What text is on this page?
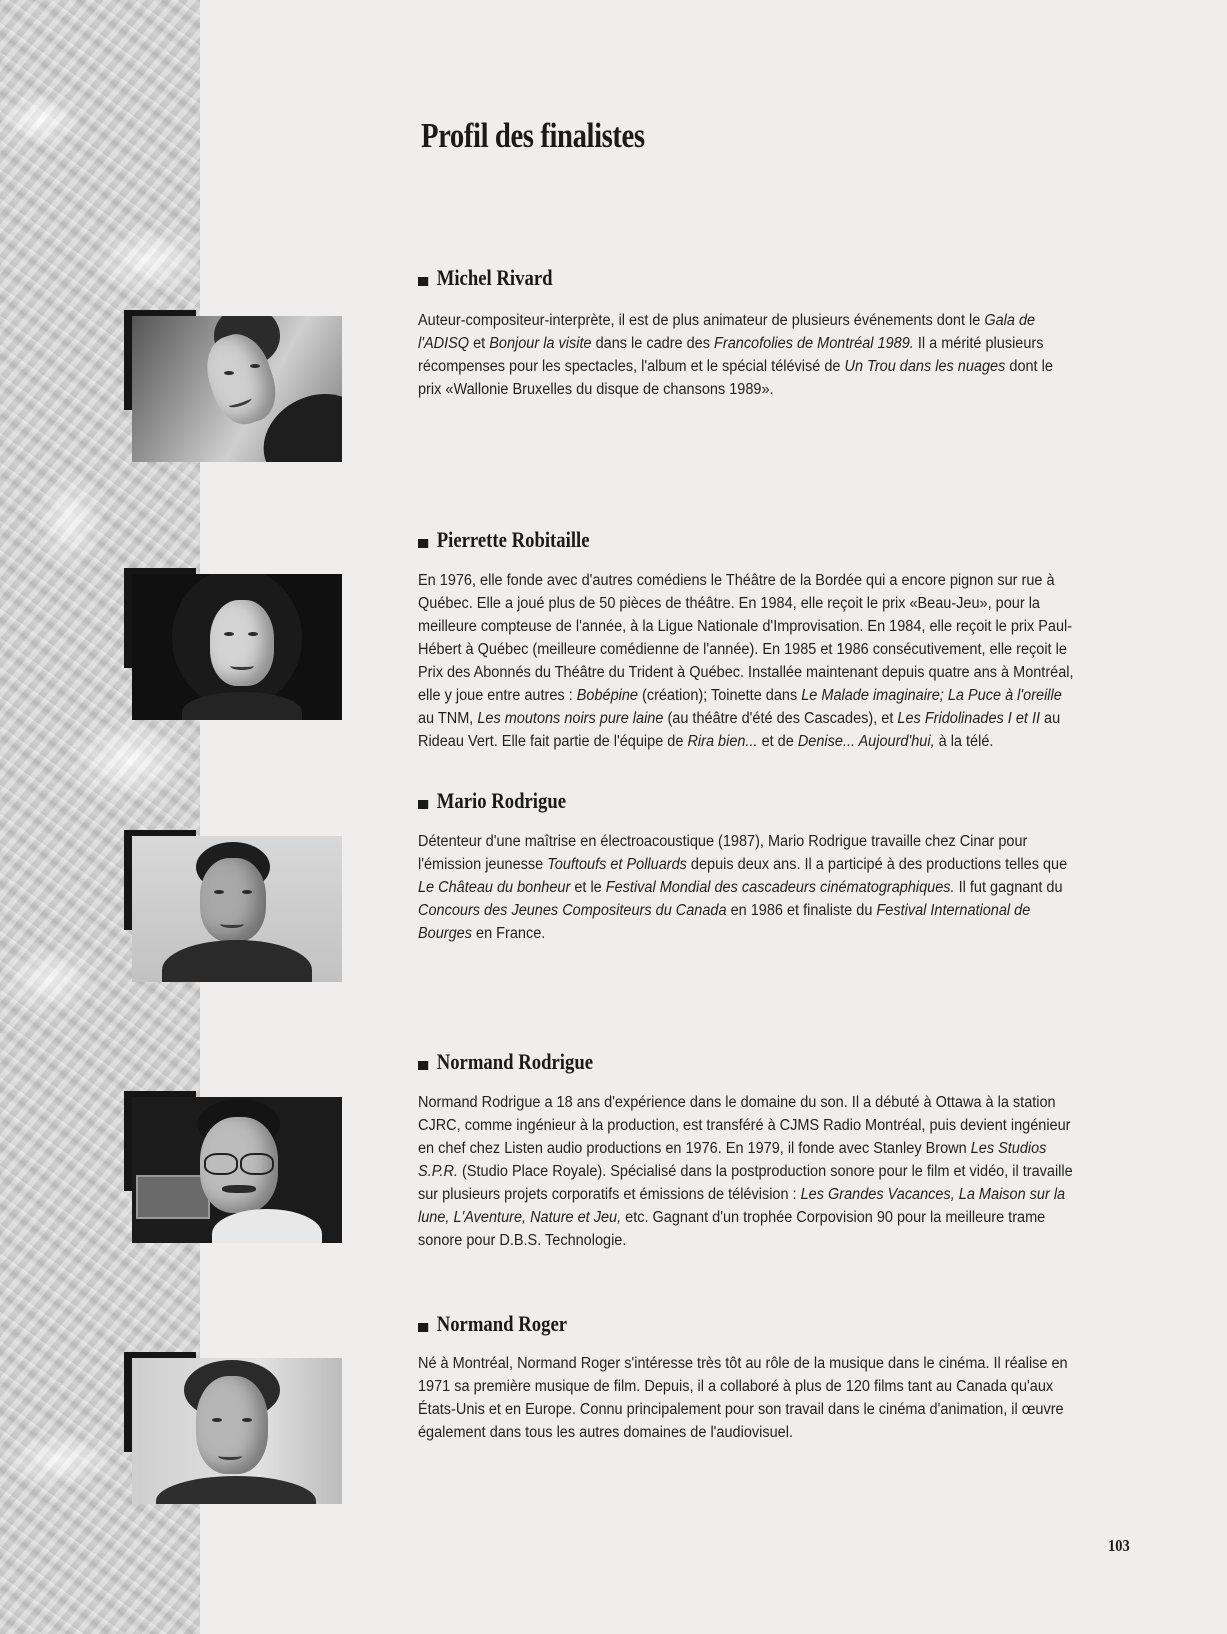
Profil des finalistes
Michel Rivard

Auteur-compositeur-interprète, il est de plus animateur de plusieurs événements dont le Gala de l'ADISQ et Bonjour la visite dans le cadre des Francofolies de Montréal 1989. Il a mérité plusieurs récompenses pour les spectacles, l'album et le spécial télévisé de Un Trou dans les nuages dont le prix «Wallonie Bruxelles du disque de chansons 1989».

Pierrette Robitaille

En 1976, elle fonde avec d'autres comédiens le Théâtre de la Bordée qui a encore pignon sur rue à Québec. Elle a joué plus de 50 pièces de théâtre. En 1984, elle reçoit le prix «Beau-Jeu», pour la meilleure compteuse de l'année, à la Ligue Nationale d'Improvisation. En 1984, elle reçoit le prix Paul-Hébert à Québec (meilleure comédienne de l'année). En 1985 et 1986 consécutivement, elle reçoit le Prix des Abonnés du Théâtre du Trident à Québec. Installée maintenant depuis quatre ans à Montréal, elle y joue entre autres : Bobépine (création); Toinette dans Le Malade imaginaire; La Puce à l'oreille au TNM, Les moutons noirs pure laine (au théâtre d'été des Cascades), et Les Fridolinades I et II au Rideau Vert. Elle fait partie de l'équipe de Rira bien... et de Denise... Aujourd'hui, à la télé.

Mario Rodrigue

Détenteur d'une maîtrise en électroacoustique (1987), Mario Rodrigue travaille chez Cinar pour l'émission jeunesse Touftoufs et Polluards depuis deux ans. Il a participé à des productions telles que Le Château du bonheur et le Festival Mondial des cascadeurs cinématographiques. Il fut gagnant du Concours des Jeunes Compositeurs du Canada en 1986 et finaliste du Festival International de Bourges en France.

Normand Rodrigue

Normand Rodrigue a 18 ans d'expérience dans le domaine du son. Il a débuté à Ottawa à la station CJRC, comme ingénieur à la production, est transféré à CJMS Radio Montréal, puis devient ingénieur en chef chez Listen audio productions en 1976. En 1979, il fonde avec Stanley Brown Les Studios S.P.R. (Studio Place Royale). Spécialisé dans la postproduction sonore pour le film et vidéo, il travaille sur plusieurs projets corporatifs et émissions de télévision : Les Grandes Vacances, La Maison sur la lune, L'Aventure, Nature et Jeu, etc. Gagnant d'un trophée Corpovision 90 pour la meilleure trame sonore pour D.B.S. Technologie.

Normand Roger

Né à Montréal, Normand Roger s'intéresse très tôt au rôle de la musique dans le cinéma. Il réalise en 1971 sa première musique de film. Depuis, il a collaboré à plus de 120 films tant au Canada qu'aux États-Unis et en Europe. Connu principalement pour son travail dans le cinéma d'animation, il œuvre également dans tous les autres domaines de l'audiovisuel.

103
